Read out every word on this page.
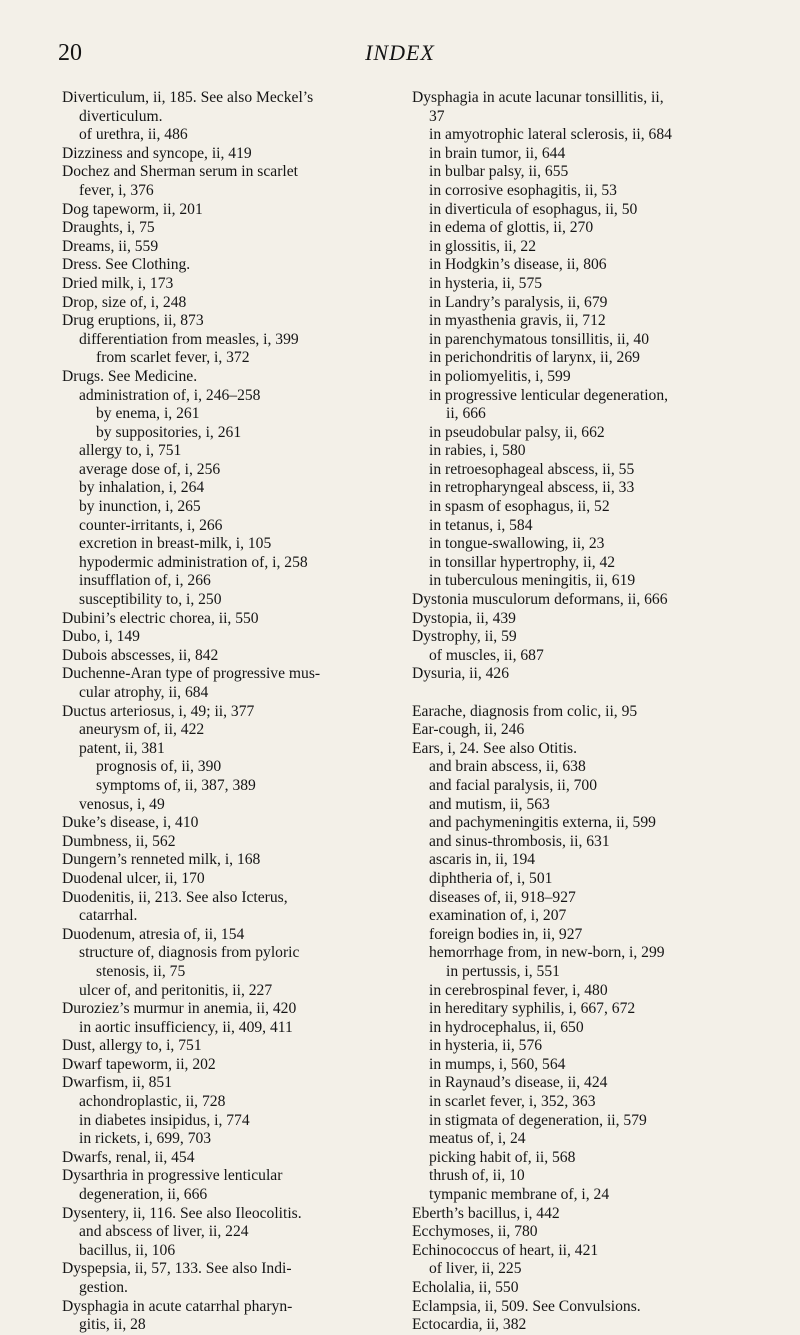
20	INDEX
Diverticulum, ii, 185. See also Meckel’s
diverticulum.
of urethra, ii, 486
Dizziness and syncope, ii, 419
Dochez and Sherman serum in scarlet
fever, i, 376
Dog tapeworm, ii, 201
Draughts, i, 75
Dreams, ii, 559
Dress. See Clothing.
Dried milk, i, 173
Drop, size of, i, 248
Drug eruptions, ii, 873
differentiation from measles, i, 399
from scarlet fever, i, 372
Drugs. See Medicine.
administration of, i, 246–258
by enema, i, 261
by suppositories, i, 261
allergy to, i, 751
average dose of, i, 256
by inhalation, i, 264
by inunction, i, 265
counter-irritants, i, 266
excretion in breast-milk, i, 105
hypodermic administration of, i, 258
insufflation of, i, 266
susceptibility to, i, 250
Dubini’s electric chorea, ii, 550
Dubo, i, 149
Dubois abscesses, ii, 842
Duchenne-Aran type of progressive mus-
cular atrophy, ii, 684
Ductus arteriosus, i, 49; ii, 377
aneurysm of, ii, 422
patent, ii, 381
prognosis of, ii, 390
symptoms of, ii, 387, 389
venosus, i, 49
Duke’s disease, i, 410
Dumbness, ii, 562
Dungern’s renneted milk, i, 168
Duodenal ulcer, ii, 170
Duodenitis, ii, 213. See also Icterus,
catarrhal.
Duodenum, atresia of, ii, 154
structure of, diagnosis from pyloric
stenosis, ii, 75
ulcer of, and peritonitis, ii, 227
Duroziez’s murmur in anemia, ii, 420
in aortic insufficiency, ii, 409, 411
Dust, allergy to, i, 751
Dwarf tapeworm, ii, 202
Dwarfism, ii, 851
achondroplastic, ii, 728
in diabetes insipidus, i, 774
in rickets, i, 699, 703
Dwarfs, renal, ii, 454
Dysarthria in progressive lenticular
degeneration, ii, 666
Dysentery, ii, 116. See also Ileocolitis.
and abscess of liver, ii, 224
bacillus, ii, 106
Dyspepsia, ii, 57, 133. See also Indi-
gestion.
Dysphagia in acute catarrhal pharyn-
gitis, ii, 28
Dysphagia in acute lacunar tonsillitis, ii,
37
in amyotrophic lateral sclerosis, ii, 684
in brain tumor, ii, 644
in bulbar palsy, ii, 655
in corrosive esophagitis, ii, 53
in diverticula of esophagus, ii, 50
in edema of glottis, ii, 270
in glossitis, ii, 22
in Hodgkin’s disease, ii, 806
in hysteria, ii, 575
in Landry’s paralysis, ii, 679
in myasthenia gravis, ii, 712
in parenchymatous tonsillitis, ii, 40
in perichondritis of larynx, ii, 269
in poliomyelitis, i, 599
in progressive lenticular degeneration,
ii, 666
in pseudobular palsy, ii, 662
in rabies, i, 580
in retroesophageal abscess, ii, 55
in retropharyngeal abscess, ii, 33
in spasm of esophagus, ii, 52
in tetanus, i, 584
in tongue-swallowing, ii, 23
in tonsillar hypertrophy, ii, 42
in tuberculous meningitis, ii, 619
Dystonia musculorum deformans, ii, 666
Dystopia, ii, 439
Dystrophy, ii, 59
of muscles, ii, 687
Dysuria, ii, 426
Earache, diagnosis from colic, ii, 95
Ear-cough, ii, 246
Ears, i, 24. See also Otitis.
and brain abscess, ii, 638
and facial paralysis, ii, 700
and mutism, ii, 563
and pachymeningitis externa, ii, 599
and sinus-thrombosis, ii, 631
ascaris in, ii, 194
diphtheria of, i, 501
diseases of, ii, 918–927
examination of, i, 207
foreign bodies in, ii, 927
hemorrhage from, in new-born, i, 299
in pertussis, i, 551
in cerebrospinal fever, i, 480
in hereditary syphilis, i, 667, 672
in hydrocephalus, ii, 650
in hysteria, ii, 576
in mumps, i, 560, 564
in Raynaud’s disease, ii, 424
in scarlet fever, i, 352, 363
in stigmata of degeneration, ii, 579
meatus of, i, 24
picking habit of, ii, 568
thrush of, ii, 10
tympanic membrane of, i, 24
Eberth’s bacillus, i, 442
Ecchymoses, ii, 780
Echinococcus of heart, ii, 421
of liver, ii, 225
Echolalia, ii, 550
Eclampsia, ii, 509. See Convulsions.
Ectocardia, ii, 382
